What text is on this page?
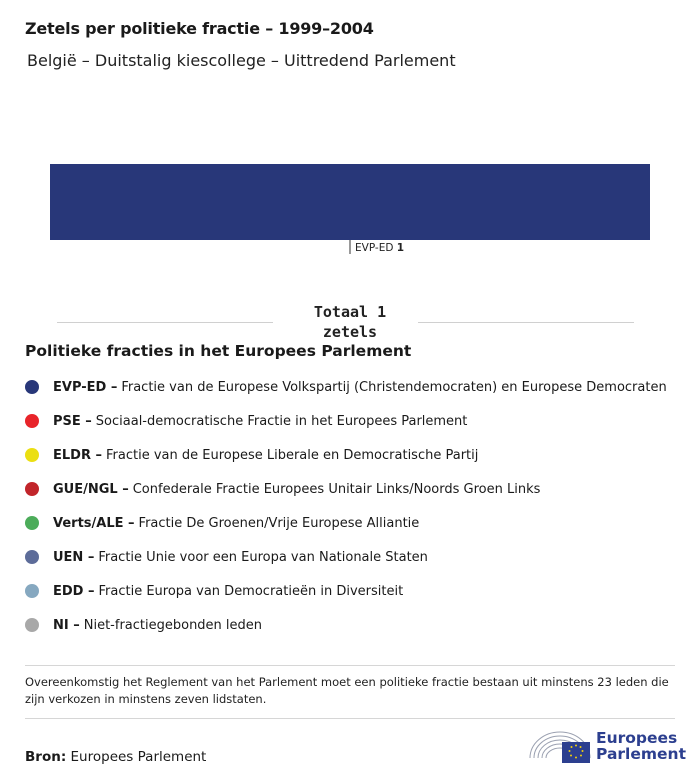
Zetels per politieke fractie – 1999–2004
België – Duitstalig kiescollege – Uittredend Parlement
EVP-ED 1
Totaal 1
zetels
Politieke fracties in het Europees Parlement
EVP-ED – Fractie van de Europese Volkspartij (Christendemocraten) en Europese Democraten
PSE – Sociaal-democratische Fractie in het Europees Parlement
ELDR – Fractie van de Europese Liberale en Democratische Partij
GUE/NGL – Confederale Fractie Europees Unitair Links/Noords Groen Links
Verts/ALE – Fractie De Groenen/Vrije Europese Alliantie
UEN – Fractie Unie voor een Europa van Nationale Staten
EDD – Fractie Europa van Democratieën in Diversiteit
NI – Niet-fractiegebonden leden
Overeenkomstig het Reglement van het Parlement moet een politieke fractie bestaan uit minstens 23 leden die zijn verkozen in minstens zeven lidstaten.
Bron: Europees Parlement
Europees
Parlement
